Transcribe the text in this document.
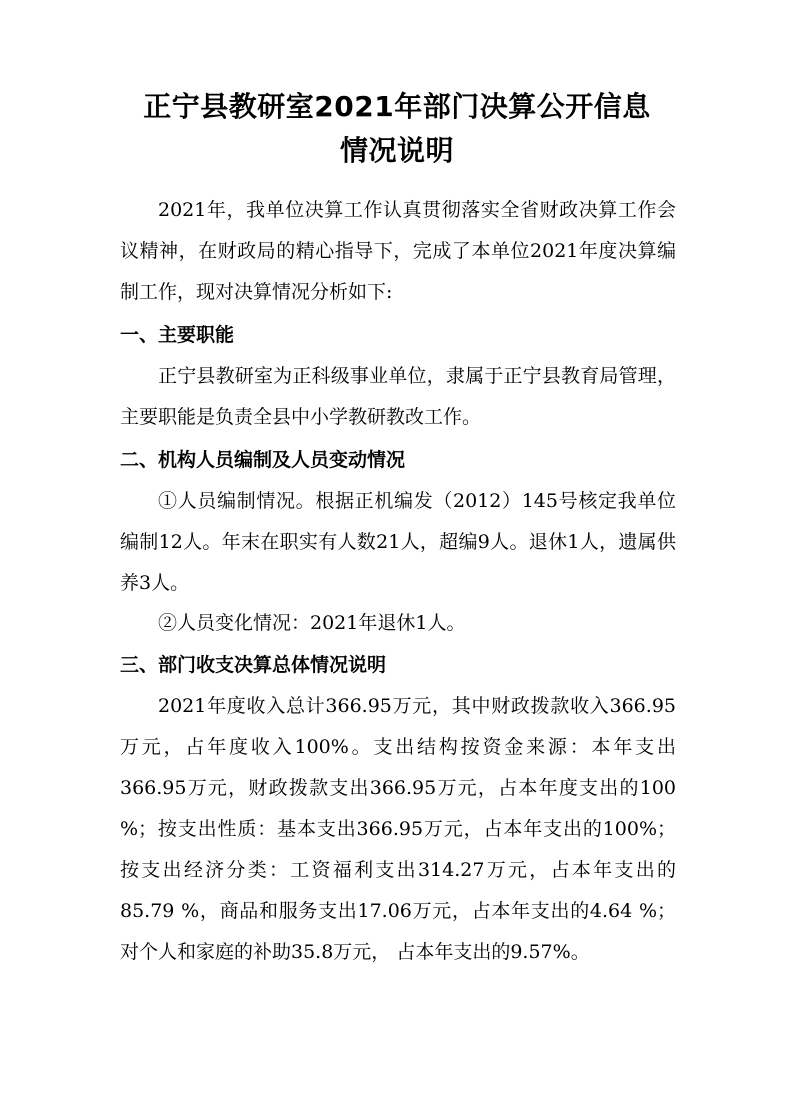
正宁县教研室2021年部门决算公开信息
情况说明

2021年，我单位决算工作认真贯彻落实全省财政决算工作会议精神，在财政局的精心指导下，完成了本单位2021年度决算编制工作，现对决算情况分析如下:

一、主要职能

正宁县教研室为正科级事业单位，隶属于正宁县教育局管理，主要职能是负责全县中小学教研教改工作。

二、机构人员编制及人员变动情况

①人员编制情况。根据正机编发（2012）145号核定我单位编制12人。年末在职实有人数21人，超编9人。退休1人，遗属供养3人。

②人员变化情况：2021年退休1人。

三、部门收支决算总体情况说明

2021年度收入总计366.95万元，其中财政拨款收入366.95万元，占年度收入100%。支出结构按资金来源：本年支出366.95万元，财政拨款支出366.95万元，占本年度支出的100 %；按支出性质：基本支出366.95万元，占本年支出的100%；按支出经济分类：工资福利支出314.27万元，占本年支出的85.79 %，商品和服务支出17.06万元，占本年支出的4.64 %；对个人和家庭的补助35.8万元， 占本年支出的9.57%。
